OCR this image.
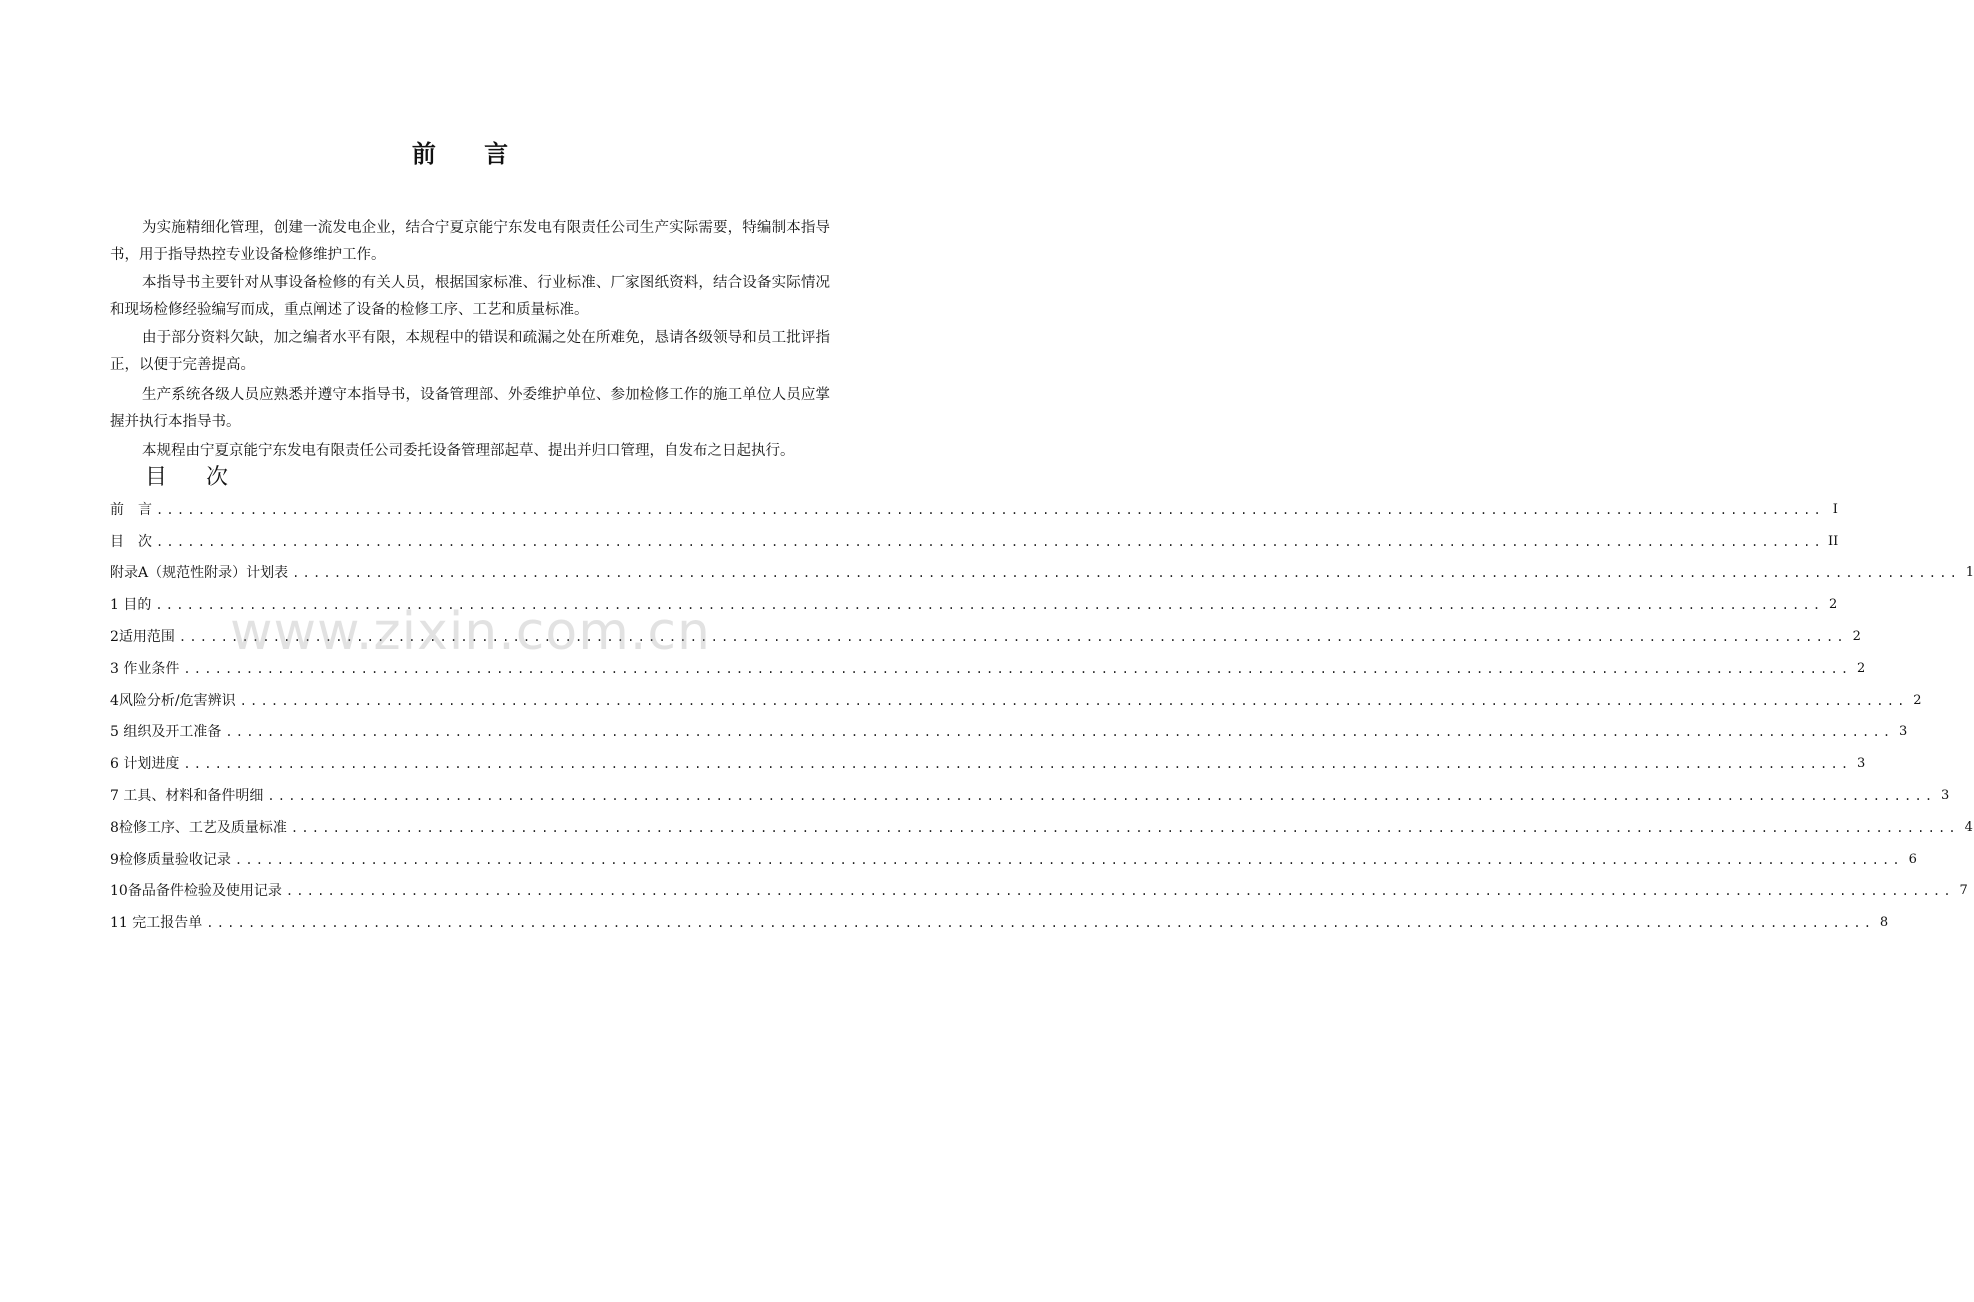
前 言

为实施精细化管理，创建一流发电企业，结合宁夏京能宁东发电有限责任公司生产实际需要，特编制本指导书，用于指导热控专业设备检修维护工作。

本指导书主要针对从事设备检修的有关人员，根据国家标准、行业标准、厂家图纸资料，结合设备实际情况和现场检修经验编写而成，重点阐述了设备的检修工序、工艺和质量标准。

由于部分资料欠缺，加之编者水平有限，本规程中的错误和疏漏之处在所难免，恳请各级领导和员工批评指正，以便于完善提高。

生产系统各级人员应熟悉并遵守本指导书，设备管理部、外委维护单位、参加检修工作的施工单位人员应掌握并执行本指导书。

本规程由宁夏京能宁东发电有限责任公司委托设备管理部起草、提出并归口管理，自发布之日起执行。

目 次
前　言 ................................................................................................................................................................ I
目　次 ................................................................................................................................................................ II
附录A（规范性附录）计划表 ................................................................................................................................................................ 1
1 目的 ................................................................................................................................................................ 2
2适用范围 ................................................................................................................................................................ 2
3 作业条件 ................................................................................................................................................................ 2
4风险分析/危害辨识 ................................................................................................................................................................ 2
5 组织及开工准备 ................................................................................................................................................................ 3
6 计划进度 ................................................................................................................................................................ 3
7 工具、材料和备件明细 ................................................................................................................................................................ 3
8检修工序、工艺及质量标准 ................................................................................................................................................................ 4
9检修质量验收记录 ................................................................................................................................................................ 6
10备品备件检验及使用记录 ................................................................................................................................................................ 7
11 完工报告单 ................................................................................................................................................................ 8
www.zixin.com.cn
